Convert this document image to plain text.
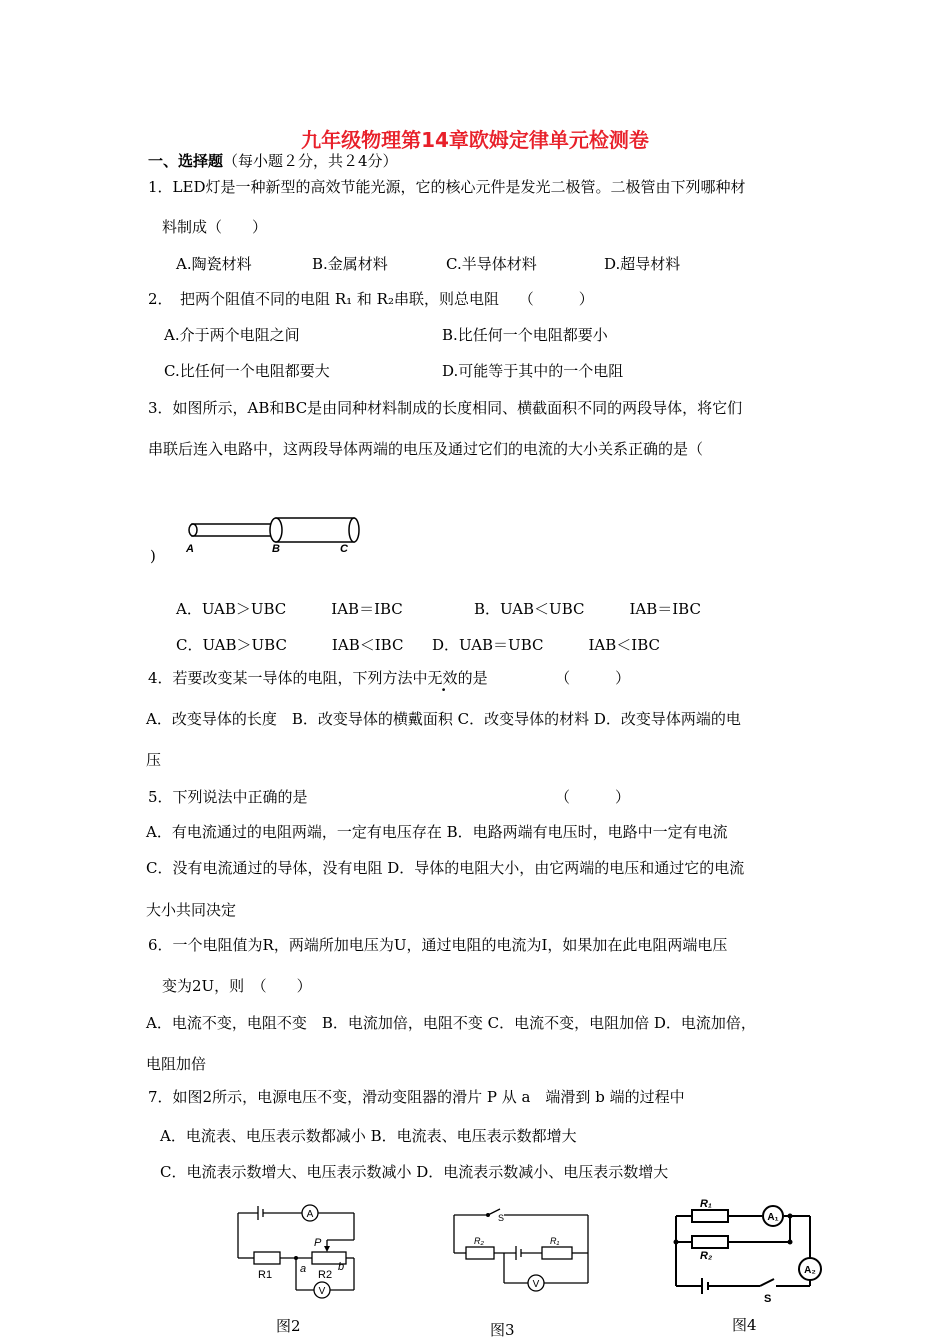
九年级物理第14章欧姆定律单元检测卷
一、选择题（每小题２分，共２4分）
1．LED灯是一种新型的高效节能光源，它的核心元件是发光二极管。二极管由下列哪种材
料制成（　　）
A.陶瓷材料	B.金属材料	C.半导体材料	D.超导材料
2．　把两个阻值不同的电阻 R₁ 和 R₂串联，则总电阻　 （　　　）
A.介于两个电阻之间	B.比任何一个电阻都要小
C.比任何一个电阻都要大	D.可能等于其中的一个电阻
3．如图所示，AB和BC是由同种材料制成的长度相同、横截面积不同的两段导体，将它们
串联后连入电路中，这两段导体两端的电压及通过它们的电流的大小关系正确的是（
A	B	C
)
A．UAB＞UBC　　　IAB＝IBC	B．UAB＜UBC　　　IAB＝IBC
C．UAB＞UBC　　　IAB＜IBC D．UAB＝UBC　　　IAB＜IBC
4．若要改变某一导体的电阻，下列方法中无效的是　　　　　（　　　）
A．改变导体的长度　B．改变导体的横戴面积 C．改变导体的材料 D．改变导体两端的电
压
5．下列说法中正确的是　　　　　　　　　　　　　　　　　（　　　）
A．有电流通过的电阻两端，一定有电压存在 B．电路两端有电压时，电路中一定有电流
C．没有电流通过的导体，没有电阻 D．导体的电阻大小，由它两端的电压和通过它的电流
大小共同决定
6．一个电阻值为R，两端所加电压为U，通过电阻的电流为I，如果加在此电阻两端电压
变为2U，则　（　　）
A．电流不变，电阻不变　B．电流加倍，电阻不变 C．电流不变，电阻加倍 D．电流加倍，
电阻加倍
7．如图2所示，电源电压不变，滑动变阻器的滑片 P 从 a　端滑到 b 端的过程中
A．电流表、电压表示数都减小 B．电流表、电压表示数都增大
C．电流表示数增大、电压表示数减小 D．电流表示数减小、电压表示数增大
A
V
R1	R2
P
a	b
图2
S
R₂	R₁
V
图3
R₁
R₂
A₁
A₂
S
图4
